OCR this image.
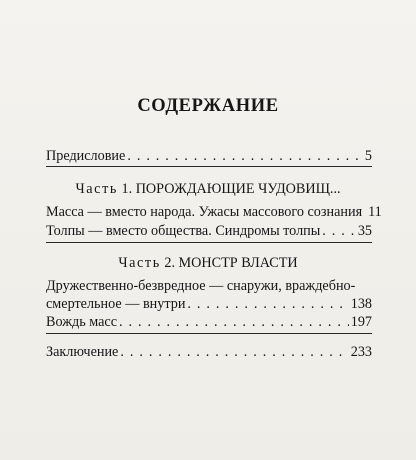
СОДЕРЖАНИЕ
Предисловие . . .	5
Часть 1. ПОРОЖДАЮЩИЕ ЧУДОВИЩ...
Масса — вместо народа. Ужасы массового сознания 11
Толпы — вместо общества. Синдромы толпы . . .	35
Часть 2. МОНСТР ВЛАСТИ
Дружественно-безвредное — снаружи, враждебно-
смертельное — внутри . . .	138
Вождь масс . . .	197
Заключение . . .	233
